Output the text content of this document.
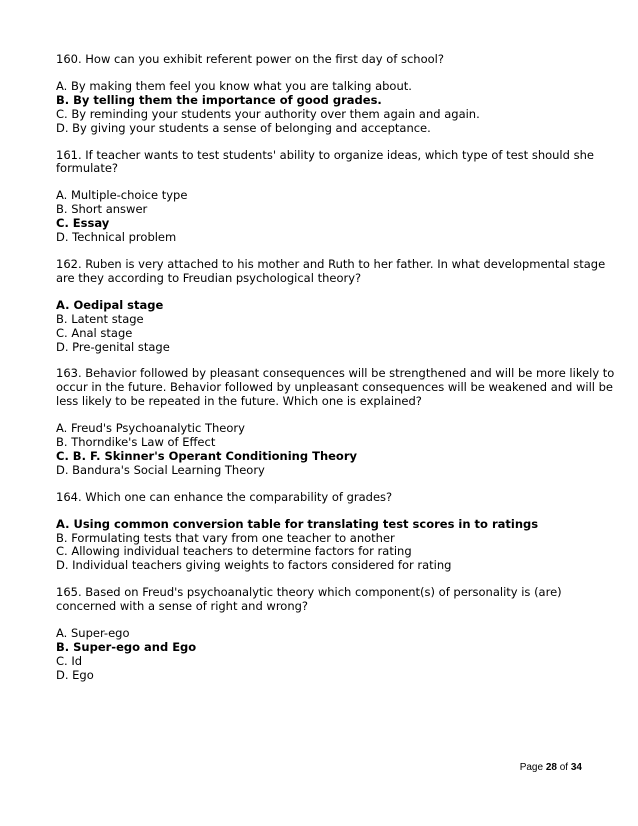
160. How can you exhibit referent power on the first day of school?

A. By making them feel you know what you are talking about.

B. By telling them the importance of good grades.

C. By reminding your students your authority over them again and again.

D. By giving your students a sense of belonging and acceptance.

161. If teacher wants to test students' ability to organize ideas, which type of test should she formulate?

A. Multiple-choice type

B. Short answer

C. Essay

D. Technical problem

162. Ruben is very attached to his mother and Ruth to her father. In what developmental stage are they according to Freudian psychological theory?

A. Oedipal stage

B. Latent stage

C. Anal stage

D. Pre-genital stage

163. Behavior followed by pleasant consequences will be strengthened and will be more likely to occur in the future. Behavior followed by unpleasant consequences will be weakened and will be less likely to be repeated in the future. Which one is explained?

A. Freud's Psychoanalytic Theory

B. Thorndike's Law of Effect

C. B. F. Skinner's Operant Conditioning Theory

D. Bandura's Social Learning Theory

164. Which one can enhance the comparability of grades?

A. Using common conversion table for translating test scores in to ratings

B. Formulating tests that vary from one teacher to another

C. Allowing individual teachers to determine factors for rating

D. Individual teachers giving weights to factors considered for rating

165. Based on Freud's psychoanalytic theory which component(s) of personality is (are) concerned with a sense of right and wrong?

A. Super-ego

B. Super-ego and Ego

C. Id

D. Ego

Page 28 of 34
